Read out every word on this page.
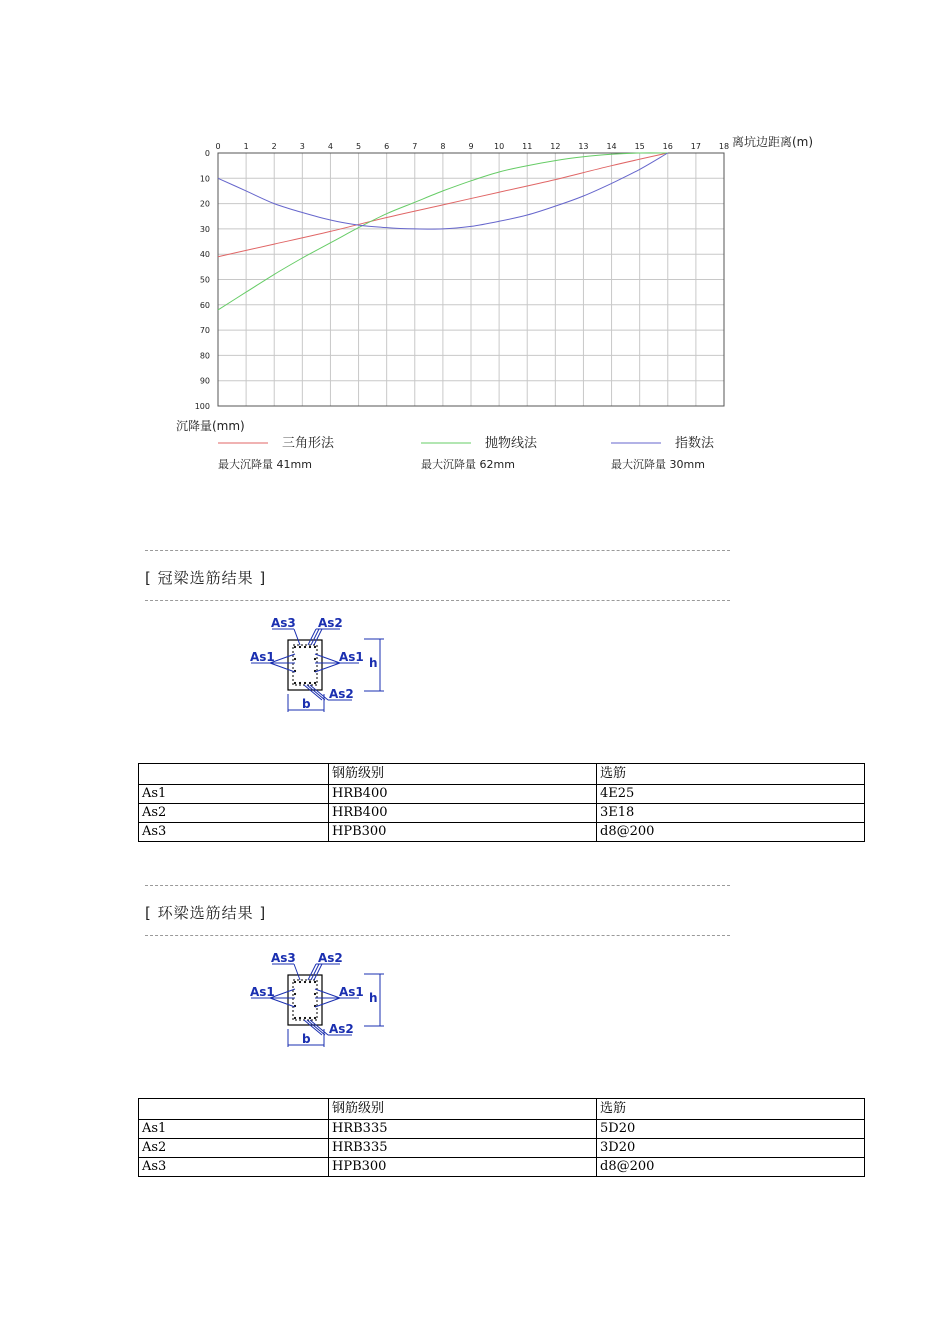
0	1	2	3	4	5	6	7	8	9	10 11 12 13 14 15 16 17 18
0
10
20
30
40
50
60
70
80
90
100
离坑边距离(m)
沉降量(mm)
三角形法
最大沉降量 41mm
抛物线法
最大沉降量 62mm
指数法
最大沉降量 30mm
[ 冠梁选筋结果 ]
h
b
As3 As2
As1	As1
As2
	钢筋级别	选筋
As1	HRB400	4E25
As2	HRB400	3E18
As3	HPB300	d8@200
[ 环梁选筋结果 ]
h
b
As3 As2
As1	As1
As2
	钢筋级别	选筋
As1	HRB335	5D20
As2	HRB335	3D20
As3	HPB300	d8@200
